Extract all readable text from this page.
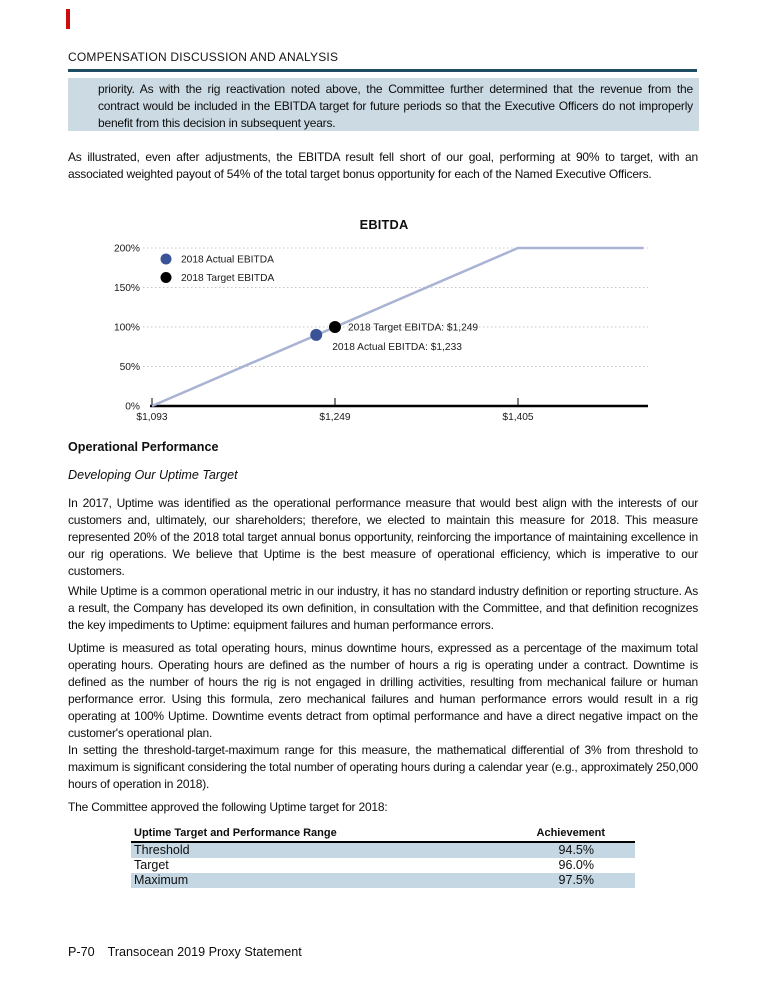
COMPENSATION DISCUSSION AND ANALYSIS
priority. As with the rig reactivation noted above, the Committee further determined that the revenue from the contract would be included in the EBITDA target for future periods so that the Executive Officers do not improperly benefit from this decision in subsequent years.
As illustrated, even after adjustments, the EBITDA result fell short of our goal, performing at 90% to target, with an associated weighted payout of 54% of the total target bonus opportunity for each of the Named Executive Officers.
EBITDA
0%
50%
100%
150%
200%
$1,093	$1,249	$1,405
2018 Actual EBITDA: $1,233
2018 Target EBITDA: $1,249
2018 Actual EBITDA
2018 Target EBITDA
Operational Performance
Developing Our Uptime Target
In 2017, Uptime was identified as the operational performance measure that would best align with the interests of our customers and, ultimately, our shareholders; therefore, we elected to maintain this measure for 2018. This measure represented 20% of the 2018 total target annual bonus opportunity, reinforcing the importance of maintaining excellence in our rig operations. We believe that Uptime is the best measure of operational efficiency, which is imperative to our customers.
While Uptime is a common operational metric in our industry, it has no standard industry definition or reporting structure. As a result, the Company has developed its own definition, in consultation with the Committee, and that definition recognizes the key impediments to Uptime: equipment failures and human performance errors.
Uptime is measured as total operating hours, minus downtime hours, expressed as a percentage of the maximum total operating hours. Operating hours are defined as the number of hours a rig is operating under a contract. Downtime is defined as the number of hours the rig is not engaged in drilling activities, resulting from mechanical failure or human performance error. Using this formula, zero mechanical failures and human performance errors would result in a rig operating at 100% Uptime. Downtime events detract from optimal performance and have a direct negative impact on the customer's operational plan.
In setting the threshold-target-maximum range for this measure, the mathematical differential of 3% from threshold to maximum is significant considering the total number of operating hours during a calendar year (e.g., approximately 250,000 hours of operation in 2018).
The Committee approved the following Uptime target for 2018:
Uptime Target and Performance Range	Achievement
Threshold	94.5%
Target	96.0%
Maximum	97.5%
P-70 Transocean 2019 Proxy Statement
